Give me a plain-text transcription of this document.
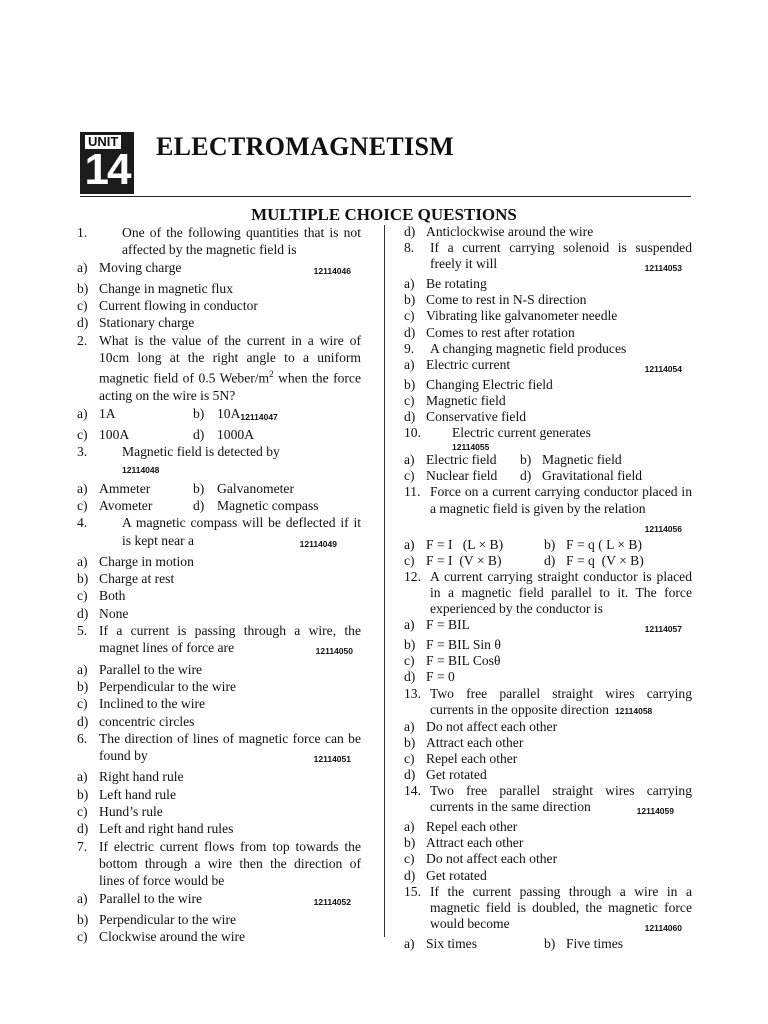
UNIT
14 ELECTROMAGNETISM
MULTIPLE CHOICE QUESTIONS
1.	One of the following quantities that is not affected by the magnetic field is
a) Moving charge	12114046
b) Change in magnetic flux
c) Current flowing in conductor
d) Stationary charge
2. What is the value of the current in a wire of 10cm long at the right angle to a uniform magnetic field of 0.5 Weber/$m^2$ when the force acting on the wire is 5N?
a) 1A	b) 10A 12114047
c) 100A	d) 1000A
3.	Magnetic field is detected by
12114048
a) Ammeter	b) Galvanometer
c) Avometer	d) Magnetic compass
4.	A magnetic compass will be deflected if it is kept near a	12114049
a) Charge in motion
b) Charge at rest
c) Both
d) None
5. If a current is passing through a wire, the magnet lines of force are	12114050
a) Parallel to the wire
b) Perpendicular to the wire
c) Inclined to the wire
d) concentric circles
6. The direction of lines of magnetic force can be found by	12114051
a) Right hand rule
b) Left hand rule
c) Hund’s rule
d) Left and right hand rules
7. If electric current flows from top towards the bottom through a wire then the direction of lines of force would be
a) Parallel to the wire	12114052
b) Perpendicular to the wire
c) Clockwise around the wire
d) Anticlockwise around the wire
8.	If a current carrying solenoid is suspended freely it will	12114053
a) Be rotating
b) Come to rest in N-S direction
c) Vibrating like galvanometer needle
d) Comes to rest after rotation
9.	A changing magnetic field produces
a) Electric current	12114054
b) Changing Electric field
c) Magnetic field
d) Conservative field
10.	Electric current generates
12114055
a) Electric field b) Magnetic field
c) Nuclear field d) Gravitational field
11. Force on a current carrying conductor placed in a magnetic field is given by the relation
12114056
a) F = I   (L × B)	b) F = q ( L × B)
c) F = I  (V × B)	d) F = q  (V × B)
12. A current carrying straight conductor is placed in a magnetic field parallel to it. The force experienced by the conductor is
a) F = BIL	12114057
b) F = BIL Sin θ
c) F = BIL Cosθ
d) F = 0
13. Two free parallel straight wires carrying currents in the opposite direction 12114058
a) Do not affect each other
b) Attract each other
c) Repel each other
d) Get rotated
14. Two free parallel straight wires carrying currents in the same direction	12114059
a) Repel each other
b) Attract each other
c) Do not affect each other
d) Get rotated
15. If the current passing through a wire in a magnetic field is doubled, the magnetic force would become	12114060
a) Six times	b) Five times
